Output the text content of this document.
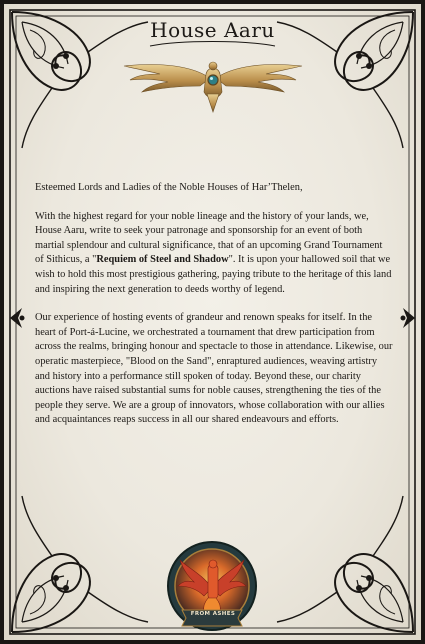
House Aaru

Esteemed Lords and Ladies of the Noble Houses of Har’Thelen,

With the highest regard for your noble lineage and the history of your lands, we, House Aaru, write to seek your patronage and sponsorship for an event of both martial splendour and cultural significance, that of an upcoming Grand Tournament of Sithicus, a "Requiem of Steel and Shadow". It is upon your hallowed soil that we wish to hold this most prestigious gathering, paying tribute to the heritage of this land and inspiring the next generation to deeds worthy of legend.

Our experience of hosting events of grandeur and renown speaks for itself. In the heart of Port-á-Lucine, we orchestrated a tournament that drew participation from across the realms, bringing honour and spectacle to those in attendance. Likewise, our operatic masterpiece, "Blood on the Sand", enraptured audiences, weaving artistry and history into a performance still spoken of today. Beyond these, our charity auctions have raised substantial sums for noble causes, strengthening the ties of the people they serve. We are a group of innovators, whose collaboration with our allies and acquaintances reaps success in all our shared endeavours and efforts.

FROM ASHES
